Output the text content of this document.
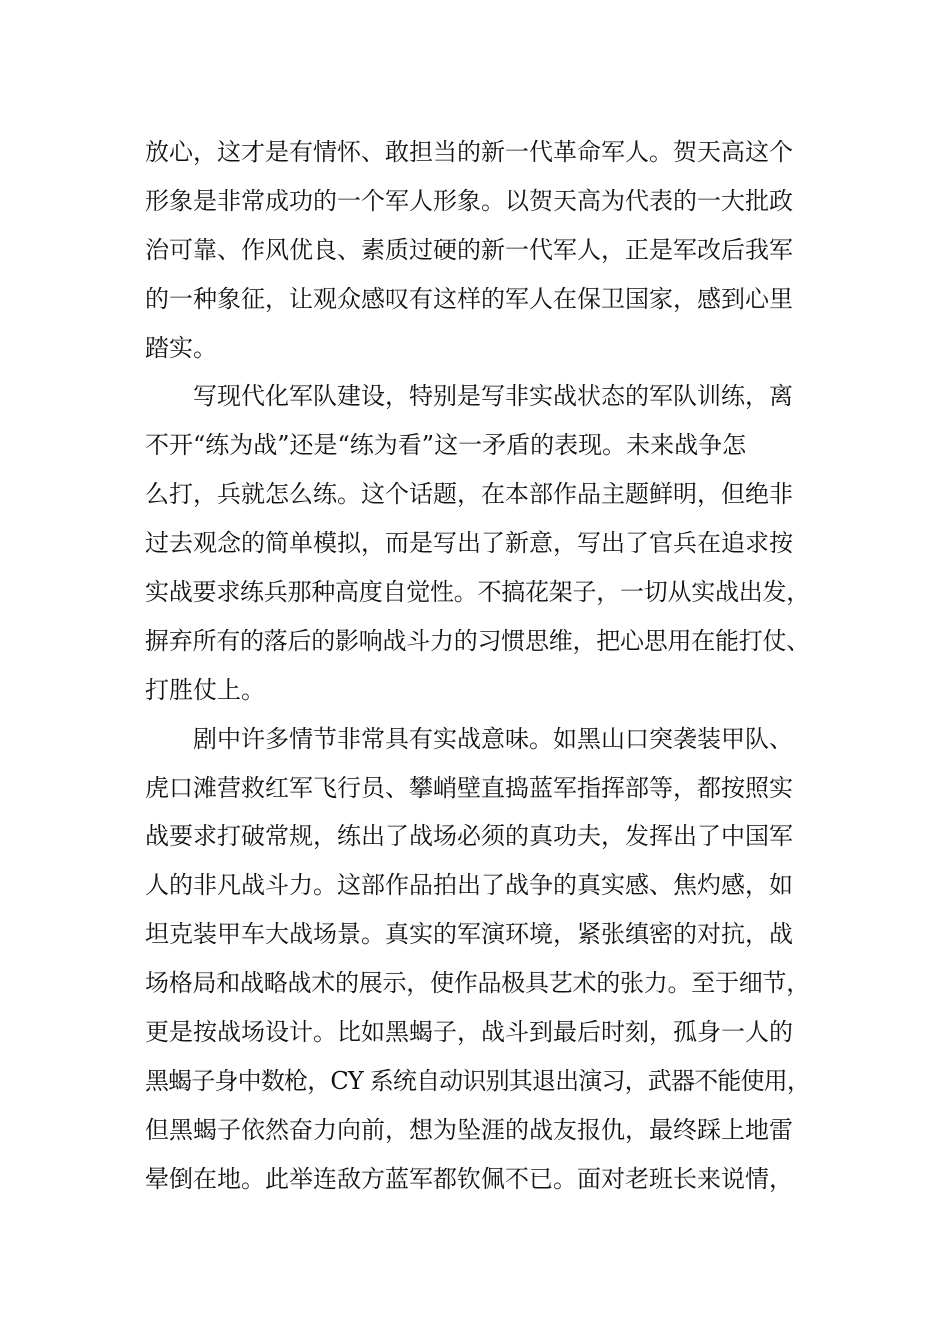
放心，这才是有情怀、敢担当的新一代革命军人。贺天高这个
形象是非常成功的一个军人形象。以贺天高为代表的一大批政
治可靠、作风优良、素质过硬的新一代军人，正是军改后我军
的一种象征，让观众感叹有这样的军人在保卫国家，感到心里
踏实。
写现代化军队建设，特别是写非实战状态的军队训练，离
不开“练为战”还是“练为看”这一矛盾的表现。未来战争怎
么打，兵就怎么练。这个话题，在本部作品主题鲜明，但绝非
过去观念的简单模拟，而是写出了新意，写出了官兵在追求按
实战要求练兵那种高度自觉性。不搞花架子，一切从实战出发，
摒弃所有的落后的影响战斗力的习惯思维，把心思用在能打仗、
打胜仗上。
剧中许多情节非常具有实战意味。如黑山口突袭装甲队、
虎口滩营救红军飞行员、攀峭壁直捣蓝军指挥部等，都按照实
战要求打破常规，练出了战场必须的真功夫，发挥出了中国军
人的非凡战斗力。这部作品拍出了战争的真实感、焦灼感，如
坦克装甲车大战场景。真实的军演环境，紧张缜密的对抗，战
场格局和战略战术的展示，使作品极具艺术的张力。至于细节，
更是按战场设计。比如黑蝎子，战斗到最后时刻，孤身一人的
黑蝎子身中数枪，CY 系统自动识别其退出演习，武器不能使用，
但黑蝎子依然奋力向前，想为坠涯的战友报仇，最终踩上地雷
晕倒在地。此举连敌方蓝军都钦佩不已。面对老班长来说情，
